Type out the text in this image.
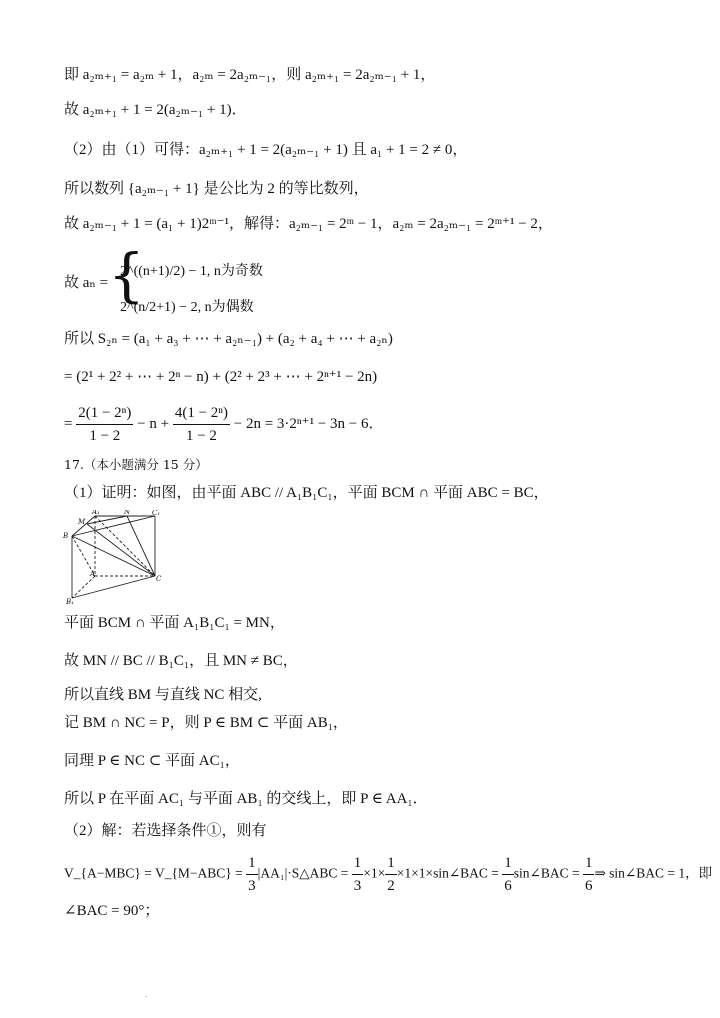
即 a₂ₘ₊₁ = a₂ₘ + 1，a₂ₘ = 2a₂ₘ₋₁，则 a₂ₘ₊₁ = 2a₂ₘ₋₁ + 1，
故 a₂ₘ₊₁ + 1 = 2(a₂ₘ₋₁ + 1)．
（2）由（1）可得：a₂ₘ₊₁ + 1 = 2(a₂ₘ₋₁ + 1) 且 a₁ + 1 = 2 ≠ 0，
所以数列 {a₂ₘ₋₁ + 1} 是公比为 2 的等比数列，
故 a₂ₘ₋₁ + 1 = (a₁ + 1)2ᵐ⁻¹，解得：a₂ₘ₋₁ = 2ᵐ − 1，a₂ₘ = 2a₂ₘ₋₁ = 2ᵐ⁺¹ − 2，
故 aₙ = {
2^((n+1)/2) − 1, n为奇数
2^(n/2+1) − 2, n为偶数
所以 S₂ₙ = (a₁ + a₃ + ⋯ + a₂ₙ₋₁) + (a₂ + a₄ + ⋯ + a₂ₙ)
= (2¹ + 2² + ⋯ + 2ⁿ − n) + (2² + 2³ + ⋯ + 2ⁿ⁺¹ − 2n)
= $\frac{\text{2(1 − 2ⁿ)}}{1 - 2} - n + \frac{\text{4(1 − 2ⁿ)}}{1 - 2} - 2n = 3\cdot 2^{n+1} - 3n - 6$．
17.（本小题满分 15 分）
（1）证明：如图，由平面 ABC // A₁B₁C₁，平面 BCM ∩ 平面 ABC = BC，
A₁	N	C₁
M
B
A
C
B₁
平面 BCM ∩ 平面 A₁B₁C₁ = MN，
故 MN // BC // B₁C₁，且 MN ≠ BC，
所以直线 BM 与直线 NC 相交,
记 BM ∩ NC = P，则 P ∈ BM ⊂ 平面 AB₁，
同理 P ∈ NC ⊂ 平面 AC₁，
所以 P 在平面 AC₁ 与平面 AB₁ 的交线上，即 P ∈ AA₁．
（2）解：若选择条件①，则有
V_{A−MBC} = V_{M−ABC} = $\frac{1}{3}$ |AA₁|·S△ABC = $\frac{1}{3} \times 1\times \frac{1}{2}$ ×1×1×sin∠BAC = $\frac{1}{6}$ sin∠BAC = $\frac{1}{6}$ ⇒ sin∠BAC = 1，即
∠BAC = 90°；
.
